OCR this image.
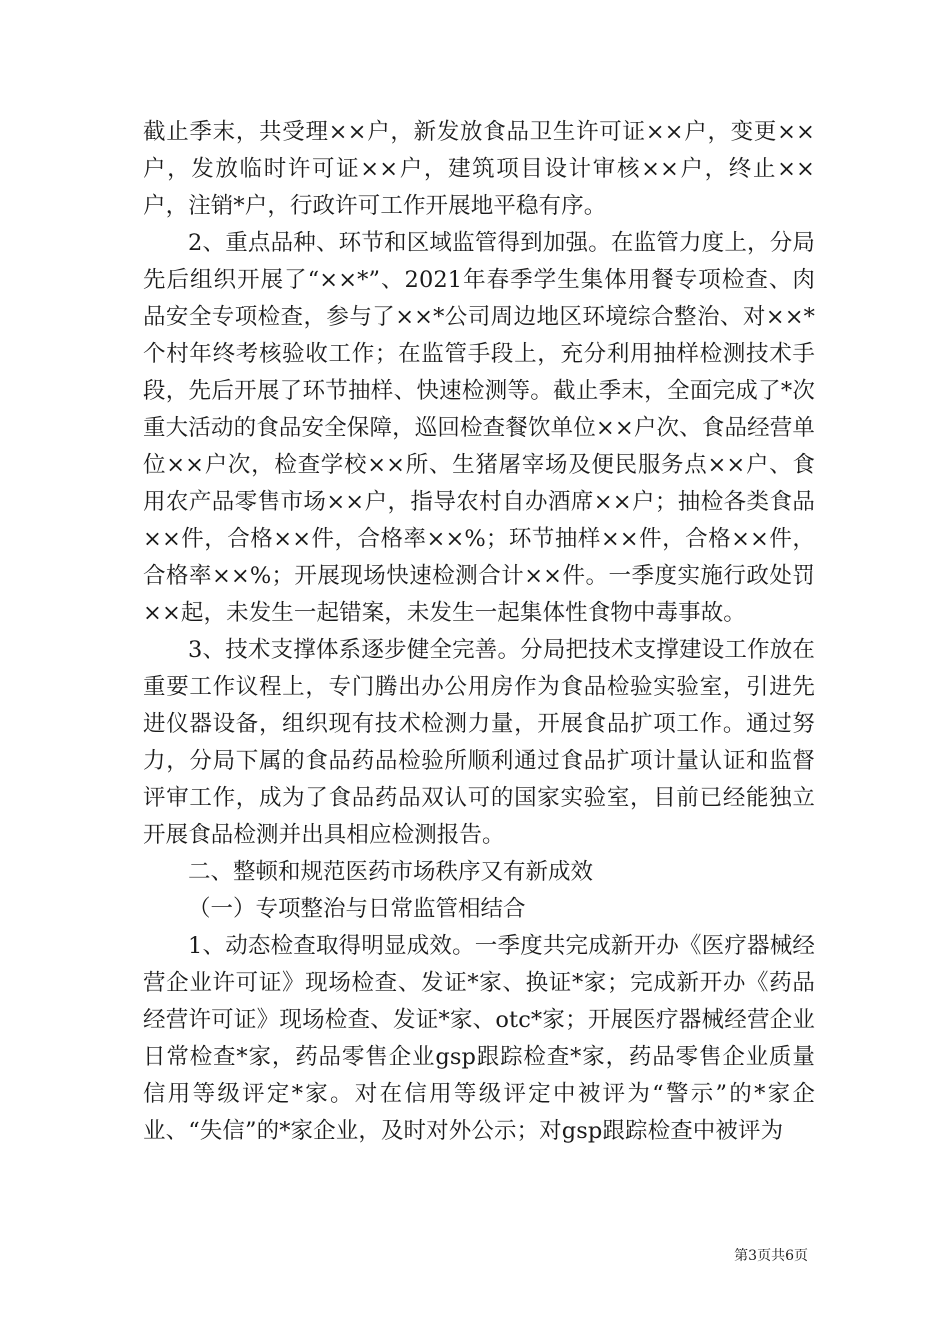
截止季末，共受理××户，新发放食品卫生许可证××户，变更××户，发放临时许可证××户，建筑项目设计审核××户，终止××户，注销*户，行政许可工作开展地平稳有序。

2、重点品种、环节和区域监管得到加强。在监管力度上，分局先后组织开展了“××*”、2021年春季学生集体用餐专项检查、肉品安全专项检查，参与了××*公司周边地区环境综合整治、对××*个村年终考核验收工作；在监管手段上，充分利用抽样检测技术手段，先后开展了环节抽样、快速检测等。截止季末，全面完成了*次重大活动的食品安全保障，巡回检查餐饮单位××户次、食品经营单位××户次，检查学校××所、生猪屠宰场及便民服务点××户、食用农产品零售市场××户，指导农村自办酒席××户；抽检各类食品××件，合格××件，合格率××%；环节抽样××件，合格××件，合格率××%；开展现场快速检测合计××件。一季度实施行政处罚××起，未发生一起错案，未发生一起集体性食物中毒事故。

3、技术支撑体系逐步健全完善。分局把技术支撑建设工作放在重要工作议程上，专门腾出办公用房作为食品检验实验室，引进先进仪器设备，组织现有技术检测力量，开展食品扩项工作。通过努力，分局下属的食品药品检验所顺利通过食品扩项计量认证和监督评审工作，成为了食品药品双认可的国家实验室，目前已经能独立开展食品检测并出具相应检测报告。

二、整顿和规范医药市场秩序又有新成效

（一）专项整治与日常监管相结合

1、动态检查取得明显成效。一季度共完成新开办《医疗器械经营企业许可证》现场检查、发证*家、换证*家；完成新开办《药品经营许可证》现场检查、发证*家、otc*家；开展医疗器械经营企业日常检查*家，药品零售企业gsp跟踪检查*家，药品零售企业质量信用等级评定*家。对在信用等级评定中被评为“警示”的*家企业、“失信”的*家企业，及时对外公示；对gsp跟踪检查中被评为

第3页共6页
